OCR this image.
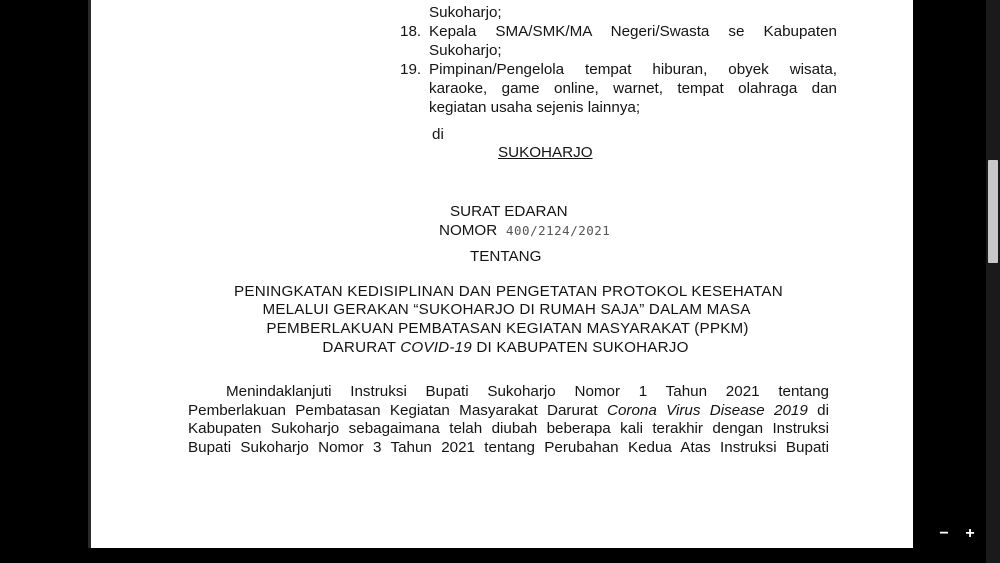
Sukoharjo;
18. Kepala SMA/SMK/MA Negeri/Swasta se Kabupaten
Sukoharjo;
19. Pimpinan/Pengelola tempat hiburan, obyek wisata,
karaoke, game online, warnet, tempat olahraga dan
kegiatan usaha sejenis lainnya;
di
SUKOHARJO
SURAT EDARAN
NOMOR 400/2124/2021
TENTANG
PENINGKATAN KEDISIPLINAN DAN PENGETATAN PROTOKOL KESEHATAN
MELALUI GERAKAN “SUKOHARJO DI RUMAH SAJA” DALAM MASA
PEMBERLAKUAN PEMBATASAN KEGIATAN MASYARAKAT (PPKM)
DARURAT COVID-19 DI KABUPATEN SUKOHARJO
Menindaklanjuti Instruksi Bupati Sukoharjo Nomor 1 Tahun 2021 tentang
Pemberlakuan Pembatasan Kegiatan Masyarakat Darurat Corona Virus Disease 2019 di
Kabupaten Sukoharjo sebagaimana telah diubah beberapa kali terakhir dengan Instruksi
Bupati Sukoharjo Nomor 3 Tahun 2021 tentang Perubahan Kedua Atas Instruksi Bupati
− +
